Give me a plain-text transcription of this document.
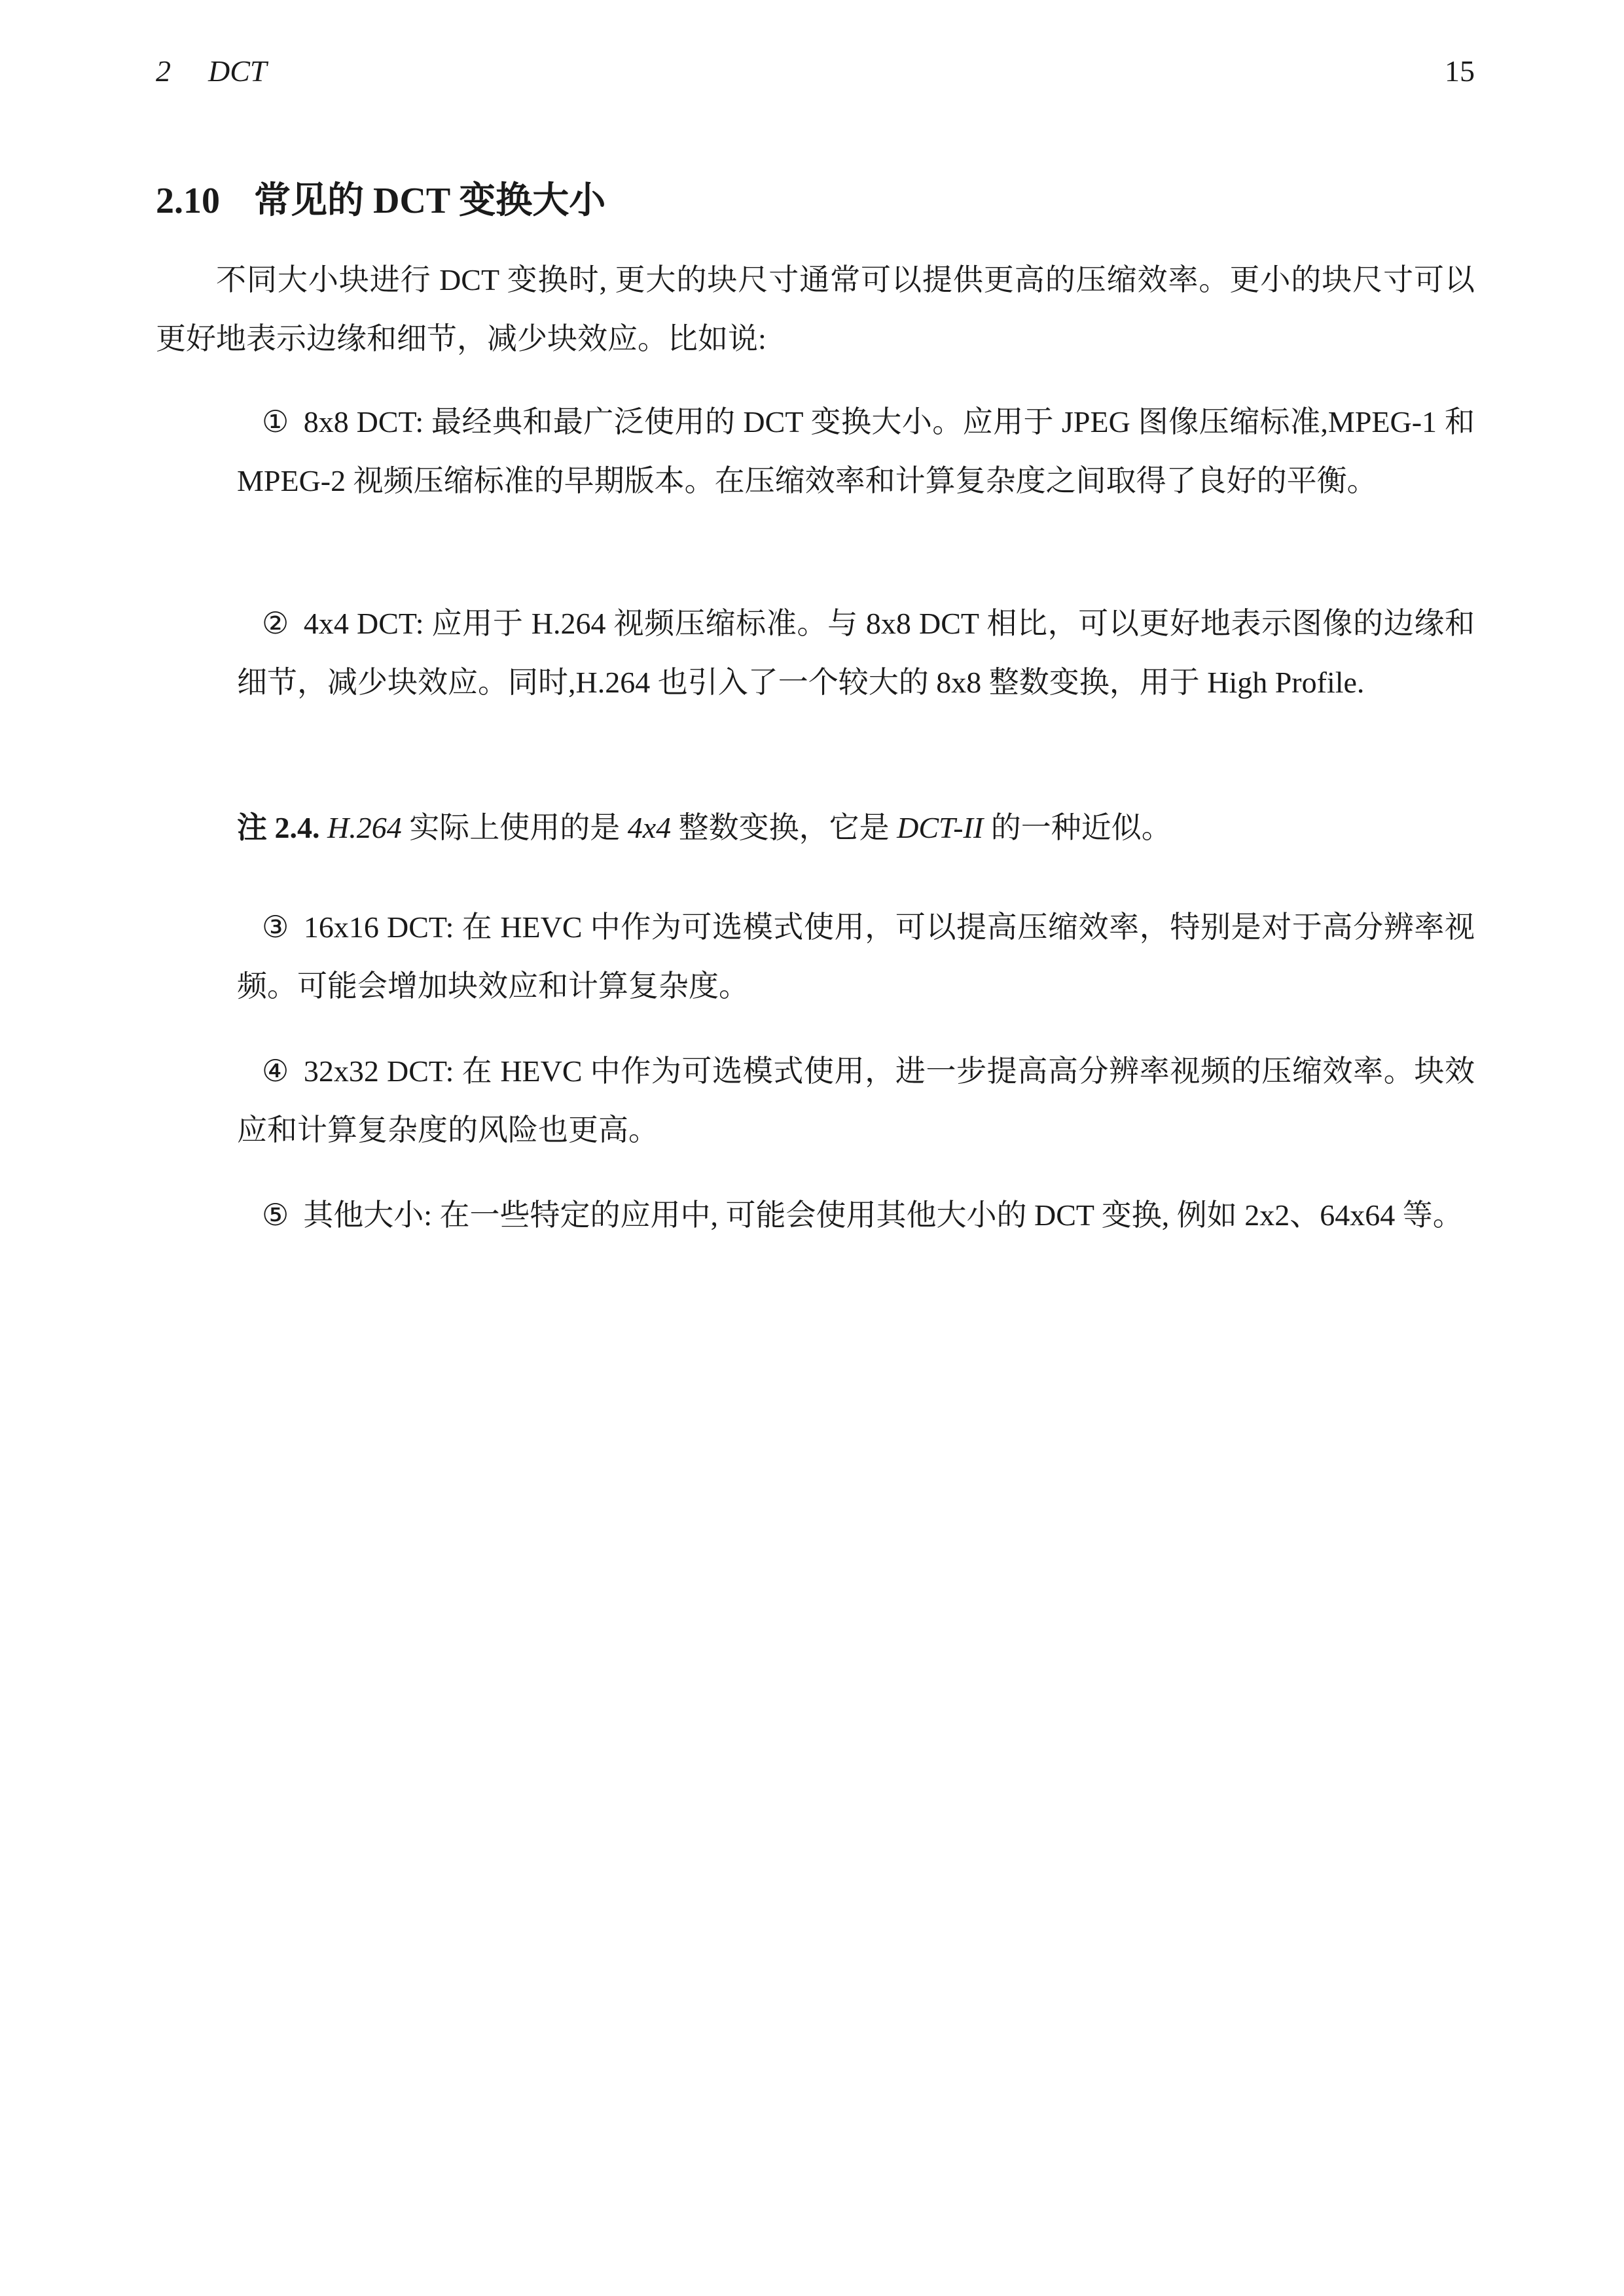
2 DCT	15
2.10 常见的 DCT 变换大小

不同大小块进行 DCT 变换时, 更大的块尺寸通常可以提供更高的压缩效率。更小的块尺寸可以更好地表示边缘和细节，减少块效应。比如说:

① 8x8 DCT: 最经典和最广泛使用的 DCT 变换大小。应用于 JPEG 图像压缩标准,MPEG-1 和 MPEG-2 视频压缩标准的早期版本。在压缩效率和计算复杂度之间取得了良好的平衡。

② 4x4 DCT: 应用于 H.264 视频压缩标准。与 8x8 DCT 相比，可以更好地表示图像的边缘和细节，减少块效应。同时,H.264 也引入了一个较大的 8x8 整数变换，用于 High Profile.

注 2.4. H.264 实际上使用的是 4x4 整数变换，它是 DCT-II 的一种近似。

③ 16x16 DCT: 在 HEVC 中作为可选模式使用，可以提高压缩效率，特别是对于高分辨率视频。可能会增加块效应和计算复杂度。

④ 32x32 DCT: 在 HEVC 中作为可选模式使用，进一步提高高分辨率视频的压缩效率。块效应和计算复杂度的风险也更高。

⑤ 其他大小: 在一些特定的应用中, 可能会使用其他大小的 DCT 变换, 例如 2x2、64x64 等。
